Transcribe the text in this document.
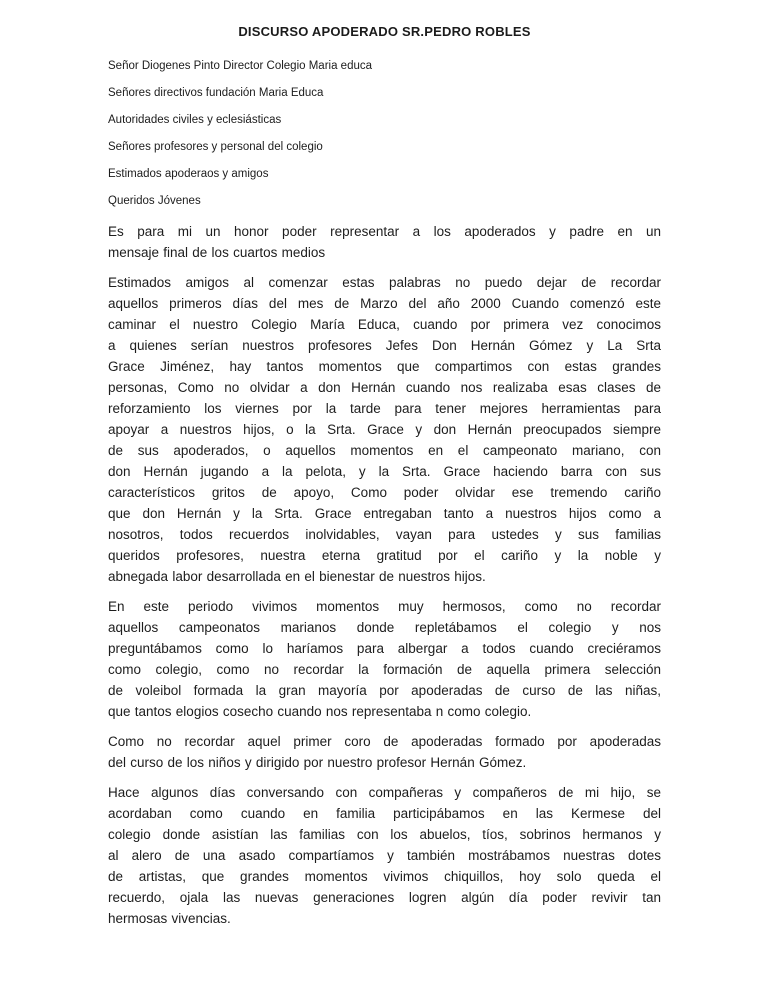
DISCURSO APODERADO SR.PEDRO ROBLES
Señor Diogenes Pinto Director Colegio Maria educa
Señores directivos fundación Maria Educa
Autoridades civiles y eclesiásticas
Señores profesores y personal del colegio
Estimados apoderaos y amigos
Queridos Jóvenes
Es para mi un honor poder representar a los apoderados y padre en un
mensaje final de los cuartos medios
Estimados amigos al comenzar estas palabras no puedo dejar de recordar
aquellos primeros días del mes de Marzo del año 2000 Cuando comenzó este
caminar el nuestro Colegio María Educa, cuando por primera vez conocimos
a quienes serían nuestros profesores Jefes Don Hernán Gómez y La Srta
Grace Jiménez, hay tantos momentos que compartimos con estas grandes
personas, Como no olvidar a don Hernán cuando nos realizaba esas clases de
reforzamiento los viernes por la tarde para tener mejores herramientas para
apoyar a nuestros hijos, o la Srta. Grace y don Hernán preocupados siempre
de sus apoderados, o aquellos momentos en el campeonato mariano, con
don Hernán jugando a la pelota, y la Srta. Grace haciendo barra con sus
característicos gritos de apoyo, Como poder olvidar ese tremendo cariño
que don Hernán y la Srta. Grace entregaban tanto a nuestros hijos como a
nosotros, todos recuerdos inolvidables, vayan para ustedes y sus familias
queridos profesores, nuestra eterna gratitud por el cariño y la noble y
abnegada labor desarrollada en el bienestar de nuestros hijos.
En este periodo vivimos momentos muy hermosos, como no recordar
aquellos campeonatos marianos donde repletábamos el colegio y nos
preguntábamos como lo haríamos para albergar a todos cuando creciéramos
como colegio, como no recordar la formación de aquella primera selección
de voleibol formada la gran mayoría por apoderadas de curso de las niñas,
que tantos elogios cosecho cuando nos representaba n como colegio.
Como no recordar aquel primer coro de apoderadas formado por apoderadas
del curso de los niños y dirigido por nuestro profesor Hernán Gómez.
Hace algunos días conversando con compañeras y compañeros de mi hijo, se
acordaban como cuando en familia participábamos en las Kermese del
colegio donde asistían las familias con los abuelos, tíos, sobrinos hermanos y
al alero de una asado compartíamos y también mostrábamos nuestras dotes
de artistas, que grandes momentos vivimos chiquillos, hoy solo queda el
recuerdo, ojala las nuevas generaciones logren algún día poder revivir tan
hermosas vivencias.
